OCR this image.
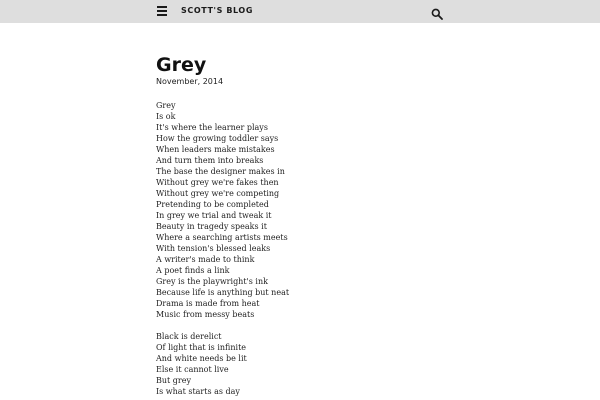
SCOTT'S BLOG
Grey
November, 2014

Grey
Is ok
It's where the learner plays
How the growing toddler says
When leaders make mistakes
And turn them into breaks
The base the designer makes in
Without grey we're fakes then
Without grey we're competing
Pretending to be completed
In grey we trial and tweak it
Beauty in tragedy speaks it
Where a searching artists meets
With tension's blessed leaks
A writer's made to think
A poet finds a link
Grey is the playwright's ink
Because life is anything but neat
Drama is made from heat
Music from messy beats

Black is derelict
Of light that is infinite
And white needs be lit
Else it cannot live
But grey
Is what starts as day
